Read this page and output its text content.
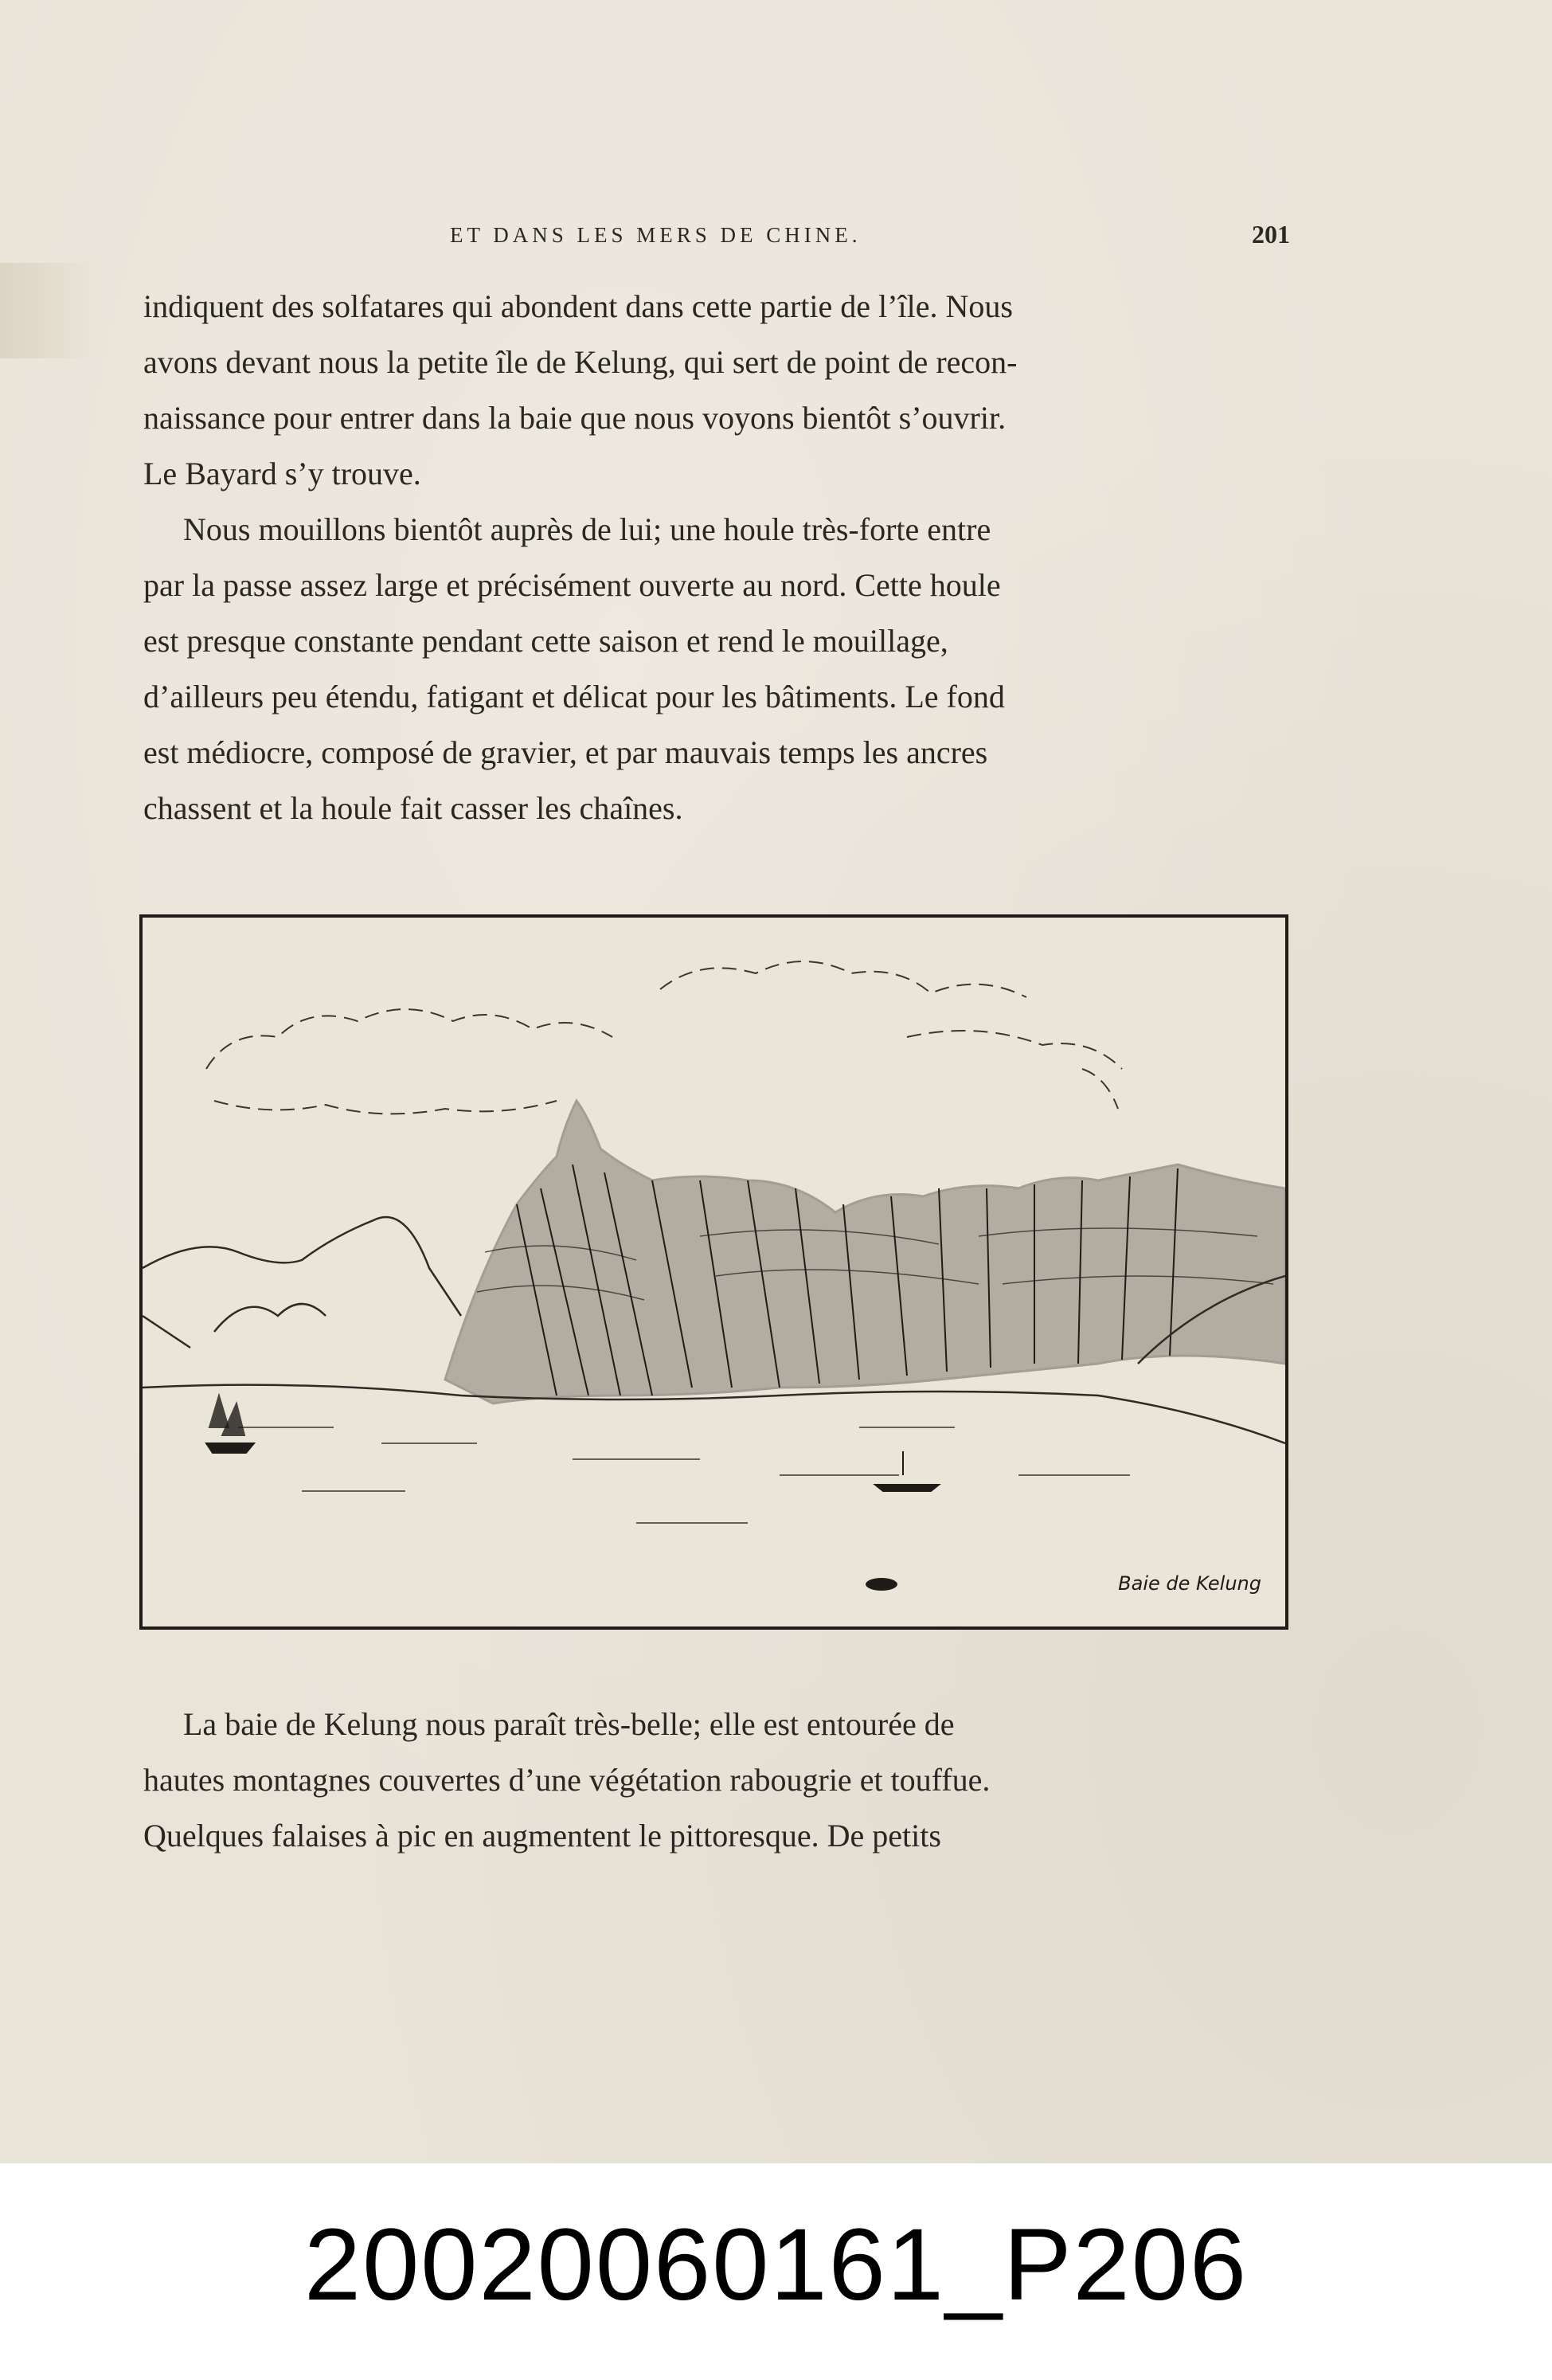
ET DANS LES MERS DE CHINE.	201

indiquent des solfatares qui abondent dans cette partie de l’île. Nous
avons devant nous la petite île de Kelung, qui sert de point de recon-
naissance pour entrer dans la baie que nous voyons bientôt s’ouvrir.
Le Bayard s’y trouve.

Nous mouillons bientôt auprès de lui; une houle très-forte entre
par la passe assez large et précisément ouverte au nord. Cette houle
est presque constante pendant cette saison et rend le mouillage,
d’ailleurs peu étendu, fatigant et délicat pour les bâtiments. Le fond
est médiocre, composé de gravier, et par mauvais temps les ancres
chassent et la houle fait casser les chaînes.

Baie de Kelung

La baie de Kelung nous paraît très-belle; elle est entourée de
hautes montagnes couvertes d’une végétation rabougrie et touffue.
Quelques falaises à pic en augmentent le pittoresque. De petits

20020060161_P206
